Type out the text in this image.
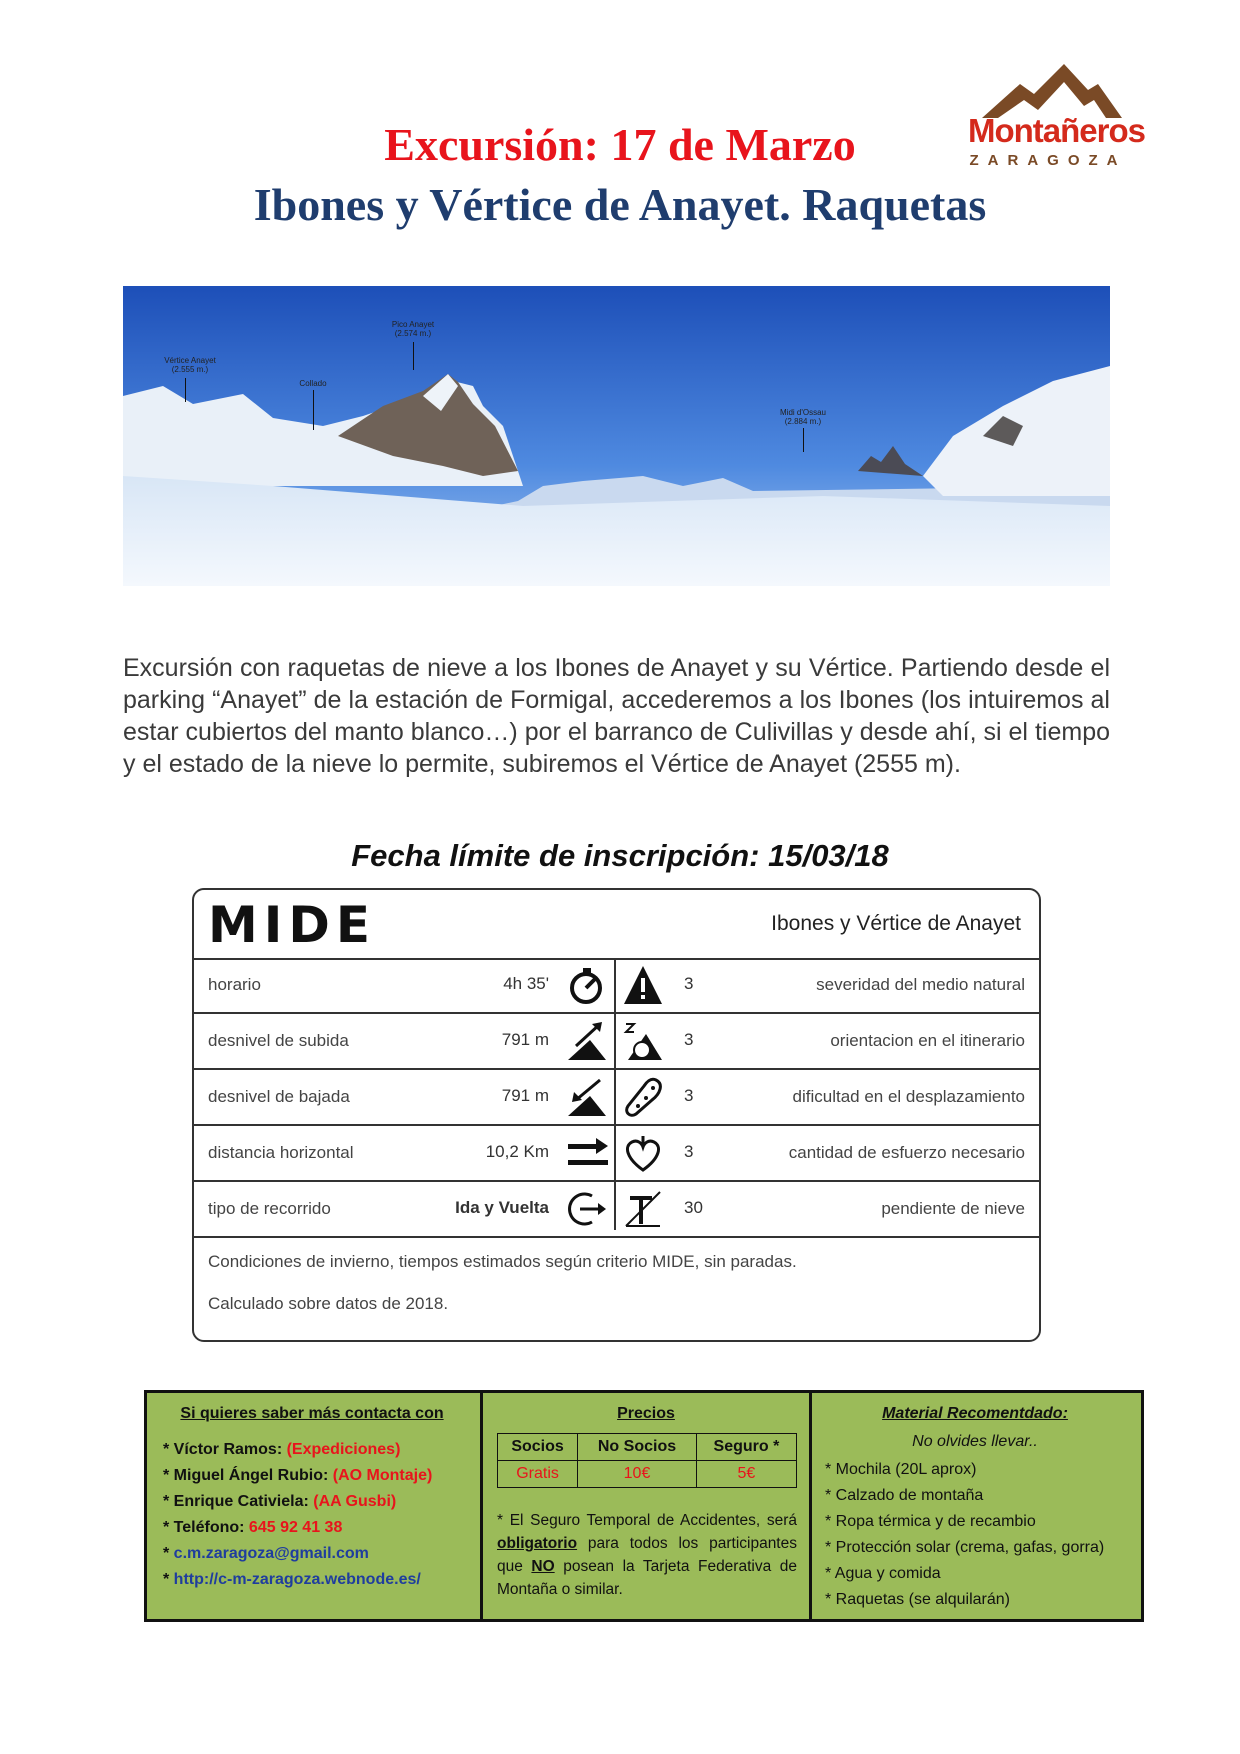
Excursión: 17 de Marzo
Ibones y Vértice de Anayet. Raquetas
Montañeros
ZARAGOZA
Vértice Anayet
(2.555 m.)
Collado
Pico Anayet
(2.574 m.)
Midi d'Ossau
(2.884 m.)
Excursión con raquetas de nieve a los Ibones de Anayet y su Vértice. Partiendo desde el parking “Anayet” de la estación de Formigal, accederemos a los Ibones (los intuiremos al estar cubiertos del manto blanco…) por el barranco de Culivillas y desde ahí, si el tiempo y el estado de la nieve lo permite, subiremos el Vértice de Anayet (2555 m).
Fecha límite de inscripción: 15/03/18
MIDE	Ibones y Vértice de Anayet
horario	4h 35'	3	severidad del medio natural
desnivel de subida	791 m	3	orientacion en el itinerario
desnivel de bajada	791 m	3	dificultad en el desplazamiento
distancia horizontal	10,2 Km	3	cantidad de esfuerzo necesario
tipo de recorrido	Ida y Vuelta	30	pendiente de nieve
Condiciones de invierno, tiempos estimados según criterio MIDE, sin paradas.
Calculado sobre datos de 2018.
Si quieres saber más contacta con
* Víctor Ramos: (Expediciones)
* Miguel Ángel Rubio: (AO Montaje)
* Enrique Cativiela: (AA Gusbi)
* Teléfono: 645 92 41 38
* c.m.zaragoza@gmail.com
* http://c-m-zaragoza.webnode.es/
Precios
Socios	No Socios	Seguro *
Gratis	10€	5€
* El Seguro Temporal de Accidentes, será obligatorio para todos los participantes que NO posean la Tarjeta Federativa de Montaña o similar.
Material Recomentdado:
No olvides llevar..
* Mochila (20L aprox)
* Calzado de montaña
* Ropa térmica y de recambio
* Protección solar (crema, gafas, gorra)
* Agua y comida
* Raquetas (se alquilarán)
